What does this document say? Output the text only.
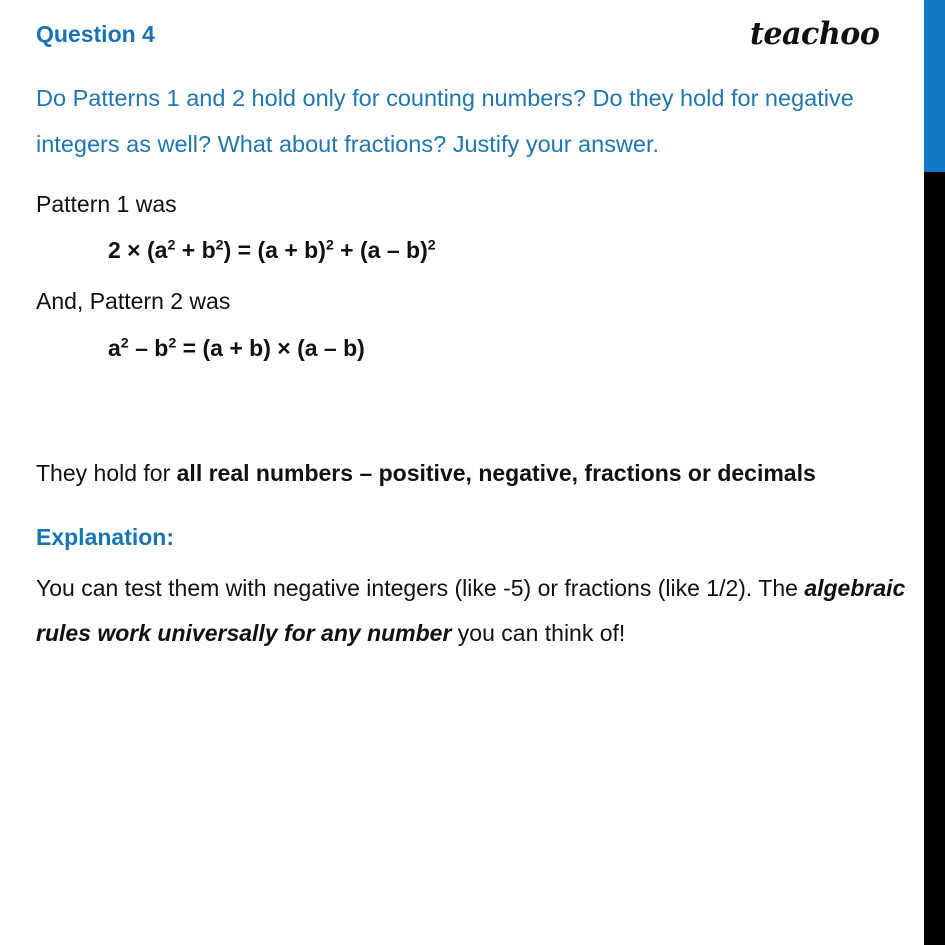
Question 4	teachoo
Do Patterns 1 and 2 hold only for counting numbers? Do they hold for negative integers as well? What about fractions? Justify your answer.
Pattern 1 was
$2 \times (a^2 + b^2) = (a + b)^2 + (a - b)^2$
And, Pattern 2 was
$a^2 - b^2 = (a + b) \times (a - b)$
They hold for all real numbers – positive, negative, fractions or decimals
Explanation:
You can test them with negative integers (like -5) or fractions (like 1/2). The algebraic rules work universally for any number you can think of!
